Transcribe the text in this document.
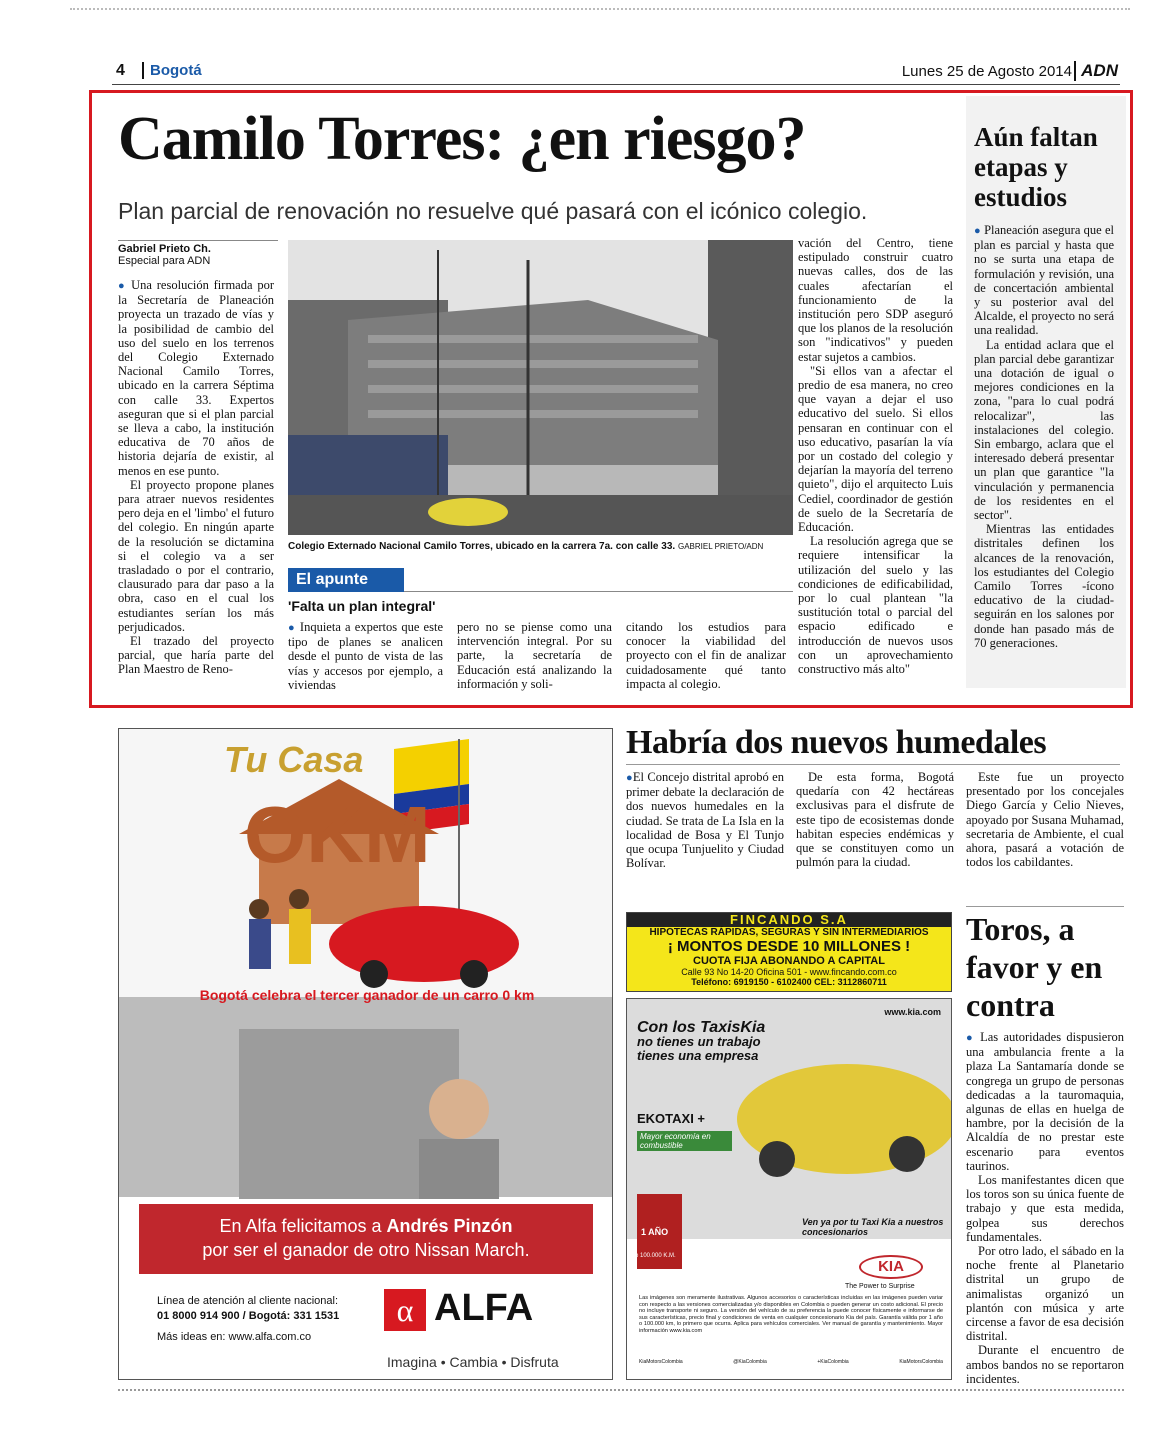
4	Bogotá	Lunes 25 de Agosto 2014 ADN
Camilo Torres: ¿en riesgo?
Plan parcial de renovación no resuelve qué pasará con el icónico colegio.
Gabriel Prieto Ch.
Especial para ADN

● Una resolución firmada por la Secretaría de Planeación proyecta un trazado de vías y la posibilidad de cambio del uso del suelo en los terrenos del Colegio Externado Nacional Camilo Torres, ubicado en la carrera Séptima con calle 33. Expertos aseguran que si el plan parcial se lleva a cabo, la institución educativa de 70 años de historia dejaría de existir, al menos en ese punto.

El proyecto propone planes para atraer nuevos residentes pero deja en el 'limbo' el futuro del colegio. En ningún aparte de la resolución se dictamina si el colegio va a ser trasladado o por el contrario, clausurado para dar paso a la obra, caso en el cual los estudiantes serían los más perjudicados.

El trazado del proyecto parcial, que haría parte del Plan Maestro de Reno-

Colegio Externado Nacional Camilo Torres, ubicado en la carrera 7a. con calle 33. GABRIEL PRIETO/ADN
El apunte
'Falta un plan integral'

● Inquieta a expertos que este tipo de planes se analicen desde el punto de vista de las vías y accesos por ejemplo, a viviendas

pero no se piense como una intervención integral. Por su parte, la secretaría de Educación está analizando la información y soli-

citando los estudios para conocer la viabilidad del proyecto con el fin de analizar cuidadosamente qué tanto impacta al colegio.

vación del Centro, tiene estipulado construir cuatro nuevas calles, dos de las cuales afectarían el funcionamiento de la institución pero SDP aseguró que los planos de la resolución son "indicativos" y pueden estar sujetos a cambios.

"Si ellos van a afectar el predio de esa manera, no creo que vayan a dejar el uso educativo del suelo. Si ellos pensaran en continuar con el uso educativo, pasarían la vía por un costado del colegio y dejarían la mayoría del terreno quieto", dijo el arquitecto Luis Cediel, coordinador de gestión de suelo de la Secretaría de Educación.

La resolución agrega que se requiere intensificar la utilización del suelo y las condiciones de edificabilidad, por lo cual plantean "la sustitución total o parcial del espacio edificado e introducción de nuevos usos con un aprovechamiento constructivo más alto"

Aún faltan etapas y estudios

● Planeación asegura que el plan es parcial y hasta que no se surta una etapa de formulación y revisión, una de concertación ambiental y su posterior aval del Alcalde, el proyecto no será una realidad.

La entidad aclara que el plan parcial debe garantizar una dotación de igual o mejores condiciones en la zona, "para lo cual podrá relocalizar", las instalaciones del colegio. Sin embargo, aclara que el interesado deberá presentar un plan que garantice "la vinculación y permanencia de los residentes en el sector".

Mientras las entidades distritales definen los alcances de la renovación, los estudiantes del Colegio Camilo Torres -ícono educativo de la ciudad- seguirán en los salones por donde han pasado más de 70 generaciones.

Habría dos nuevos humedales

●El Concejo distrital aprobó en primer debate la declaración de dos nuevos humedales en la ciudad. Se trata de La Isla en la localidad de Bosa y El Tunjo que ocupa Tunjuelito y Ciudad Bolívar.

De esta forma, Bogotá quedaría con 42 hectáreas exclusivas para el disfrute de este tipo de ecosistemas donde habitan especies endémicas y que se constituyen como un pulmón para la ciudad.

Este fue un proyecto presentado por los concejales Diego García y Celio Nieves, apoyado por Susana Muhamad, secretaria de Ambiente, el cual ahora, pasará a votación de todos los cabildantes.

Toros, a favor y en contra

● Las autoridades dispusieron una ambulancia frente a la plaza La Santamaría donde se congrega un grupo de personas dedicadas a la tauromaquia, algunas de ellas en huelga de hambre, por la decisión de la Alcaldía de no prestar este escenario para eventos taurinos.

Los manifestantes dicen que los toros son su única fuente de trabajo y que esta medida, golpea sus derechos fundamentales.

Por otro lado, el sábado en la noche frente al Planetario distrital un grupo de animalistas organizó un plantón con música y arte circense a favor de esa decisión distrital.

Durante el encuentro de ambos bandos no se reportaron incidentes.

Tu Casa
OKM
Bogotá celebra el tercer ganador de un carro 0 km
En Alfa felicitamos a Andrés Pinzón
por ser el ganador de otro Nissan March.
Línea de atención al cliente nacional:
01 8000 914 900 / Bogotá: 331 1531
Más ideas en: www.alfa.com.co
α ALFA
Imagina • Cambia • Disfruta
FINCANDO S.A
HIPOTECAS RÁPIDAS, SEGURAS Y SIN INTERMEDIARIOS
¡ MONTOS DESDE 10 MILLONES !
CUOTA FIJA ABONANDO A CAPITAL
Calle 93 No 14-20 Oficina 501 - www.fincando.com.co
Teléfono: 6919150 - 6102400 CEL: 3112860711
www.kia.com
Con los TaxisKia
no tienes un trabajo
tienes una empresa
EKOTAXI +
Mayor economía en combustible
1 AÑO
o 100.000 K.M.
Ven ya por tu Taxi Kia a nuestros concesionarios
KIA
The Power to Surprise
Las imágenes son meramente ilustrativas. Algunos accesorios o características incluidas en las imágenes pueden variar con respecto a las versiones comercializadas y/o disponibles en Colombia o pueden generar un costo adicional. El precio no incluye transporte ni seguro. La versión del vehículo de su preferencia la puede conocer físicamente e informarse de sus características, precio final y condiciones de venta en cualquier concesionario Kia del país. Garantía válida por 1 año o 100.000 km, lo primero que ocurra. Aplica para vehículos comerciales. Ver manual de garantía y mantenimiento. Mayor información www.kia.com
KiaMotorsColombia	@KiaColombia	+KiaColombia	KiaMotorsColombia
